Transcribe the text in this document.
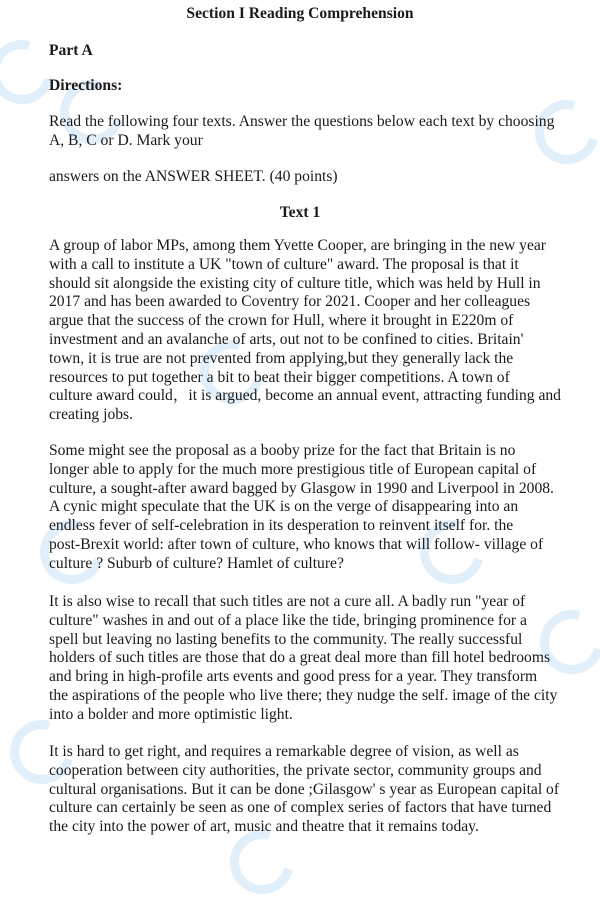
Section I Reading Comprehension
Part A
Directions:
Read the following four texts. Answer the questions below each text by choosing
A, B, C or D. Mark your
answers on the ANSWER SHEET. (40 points)
Text 1
A group of labor MPs, among them Yvette Cooper, are bringing in the new year
with a call to institute a UK "town of culture" award. The proposal is that it
should sit alongside the existing city of culture title, which was held by Hull in
2017 and has been awarded to Coventry for 2021. Cooper and her colleagues
argue that the success of the crown for Hull, where it brought in E220m of
investment and an avalanche of arts, out not to be confined to cities. Britain'
town, it is true are not prevented from applying,but they generally lack the
resources to put together a bit to beat their bigger competitions. A town of
culture award could，it is argued, become an annual event, attracting funding and
creating jobs.
Some might see the proposal as a booby prize for the fact that Britain is no
longer able to apply for the much more prestigious title of European capital of
culture, a sought-after award bagged by Glasgow in 1990 and Liverpool in 2008.
A cynic might speculate that the UK is on the verge of disappearing into an
endless fever of self-celebration in its desperation to reinvent itself for. the
post-Brexit world: after town of culture, who knows that will follow- village of
culture ? Suburb of culture? Hamlet of culture?
It is also wise to recall that such titles are not a cure all. A badly run "year of
culture" washes in and out of a place like the tide, bringing prominence for a
spell but leaving no lasting benefits to the community. The really successful
holders of such titles are those that do a great deal more than fill hotel bedrooms
and bring in high-profile arts events and good press for a year. They transform
the aspirations of the people who live there; they nudge the self. image of the city
into a bolder and more optimistic light.
It is hard to get right, and requires a remarkable degree of vision, as well as
cooperation between city authorities, the private sector, community groups and
cultural organisations. But it can be done ;Gilasgow' s year as European capital of
culture can certainly be seen as one of complex series of factors that have turned
the city into the power of art, music and theatre that it remains today.
